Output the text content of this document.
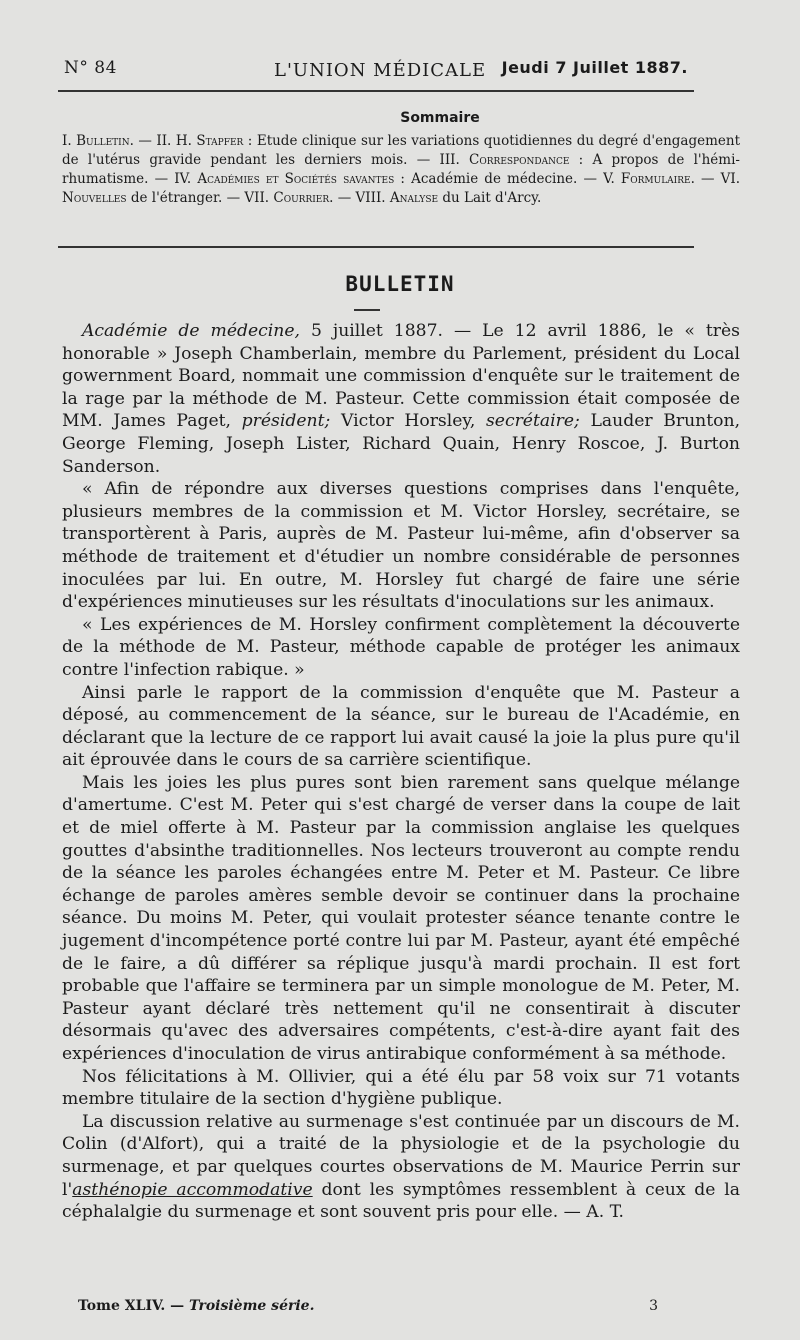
N° 84	L'UNION MÉDICALE Jeudi 7 Juillet 1887.
Sommaire
I. Bulletin. — II. H. Stapfer : Etude clinique sur les variations quotidiennes du degré d'engagement de l'utérus gravide pendant les derniers mois. — III. Correspondance : A propos de l'hémi-rhumatisme. — IV. Académies et Sociétés savantes : Académie de médecine. — V. Formulaire. — VI. Nouvelles de l'étranger. — VII. Courrier. — VIII. Analyse du Lait d'Arcy.
BULLETIN

Académie de médecine, 5 juillet 1887. — Le 12 avril 1886, le « très honorable » Joseph Chamberlain, membre du Parlement, président du Local gowernment Board, nommait une commission d'enquête sur le traitement de la rage par la méthode de M. Pasteur. Cette commission était composée de MM. James Paget, président; Victor Horsley, secrétaire; Lauder Brunton, George Fleming, Joseph Lister, Richard Quain, Henry Roscoe, J. Burton Sanderson.

« Afin de répondre aux diverses questions comprises dans l'enquête, plusieurs membres de la commission et M. Victor Horsley, secrétaire, se transportèrent à Paris, auprès de M. Pasteur lui-même, afin d'observer sa méthode de traitement et d'étudier un nombre considérable de personnes inoculées par lui. En outre, M. Horsley fut chargé de faire une série d'expériences minutieuses sur les résultats d'inoculations sur les animaux.

« Les expériences de M. Horsley confirment complètement la découverte de la méthode de M. Pasteur, méthode capable de protéger les animaux contre l'infection rabique. »

Ainsi parle le rapport de la commission d'enquête que M. Pasteur a déposé, au commencement de la séance, sur le bureau de l'Académie, en déclarant que la lecture de ce rapport lui avait causé la joie la plus pure qu'il ait éprouvée dans le cours de sa carrière scientifique.

Mais les joies les plus pures sont bien rarement sans quelque mélange d'amertume. C'est M. Peter qui s'est chargé de verser dans la coupe de lait et de miel offerte à M. Pasteur par la commission anglaise les quelques gouttes d'absinthe traditionnelles. Nos lecteurs trouveront au compte rendu de la séance les paroles échangées entre M. Peter et M. Pasteur. Ce libre échange de paroles amères semble devoir se continuer dans la prochaine séance. Du moins M. Peter, qui voulait protester séance tenante contre le jugement d'incompétence porté contre lui par M. Pasteur, ayant été empêché de le faire, a dû différer sa réplique jusqu'à mardi prochain. Il est fort probable que l'affaire se terminera par un simple monologue de M. Peter, M. Pasteur ayant déclaré très nettement qu'il ne consentirait à discuter désormais qu'avec des adversaires compétents, c'est-à-dire ayant fait des expériences d'inoculation de virus antirabique conformément à sa méthode.

Nos félicitations à M. Ollivier, qui a été élu par 58 voix sur 71 votants membre titulaire de la section d'hygiène publique.

La discussion relative au surmenage s'est continuée par un discours de M. Colin (d'Alfort), qui a traité de la physiologie et de la psychologie du surmenage, et par quelques courtes observations de M. Maurice Perrin sur l'asthénopie accommodative dont les symptômes ressemblent à ceux de la céphalalgie du surmenage et sont souvent pris pour elle. — A. T.

Tome XLIV. — Troisième série.	3
